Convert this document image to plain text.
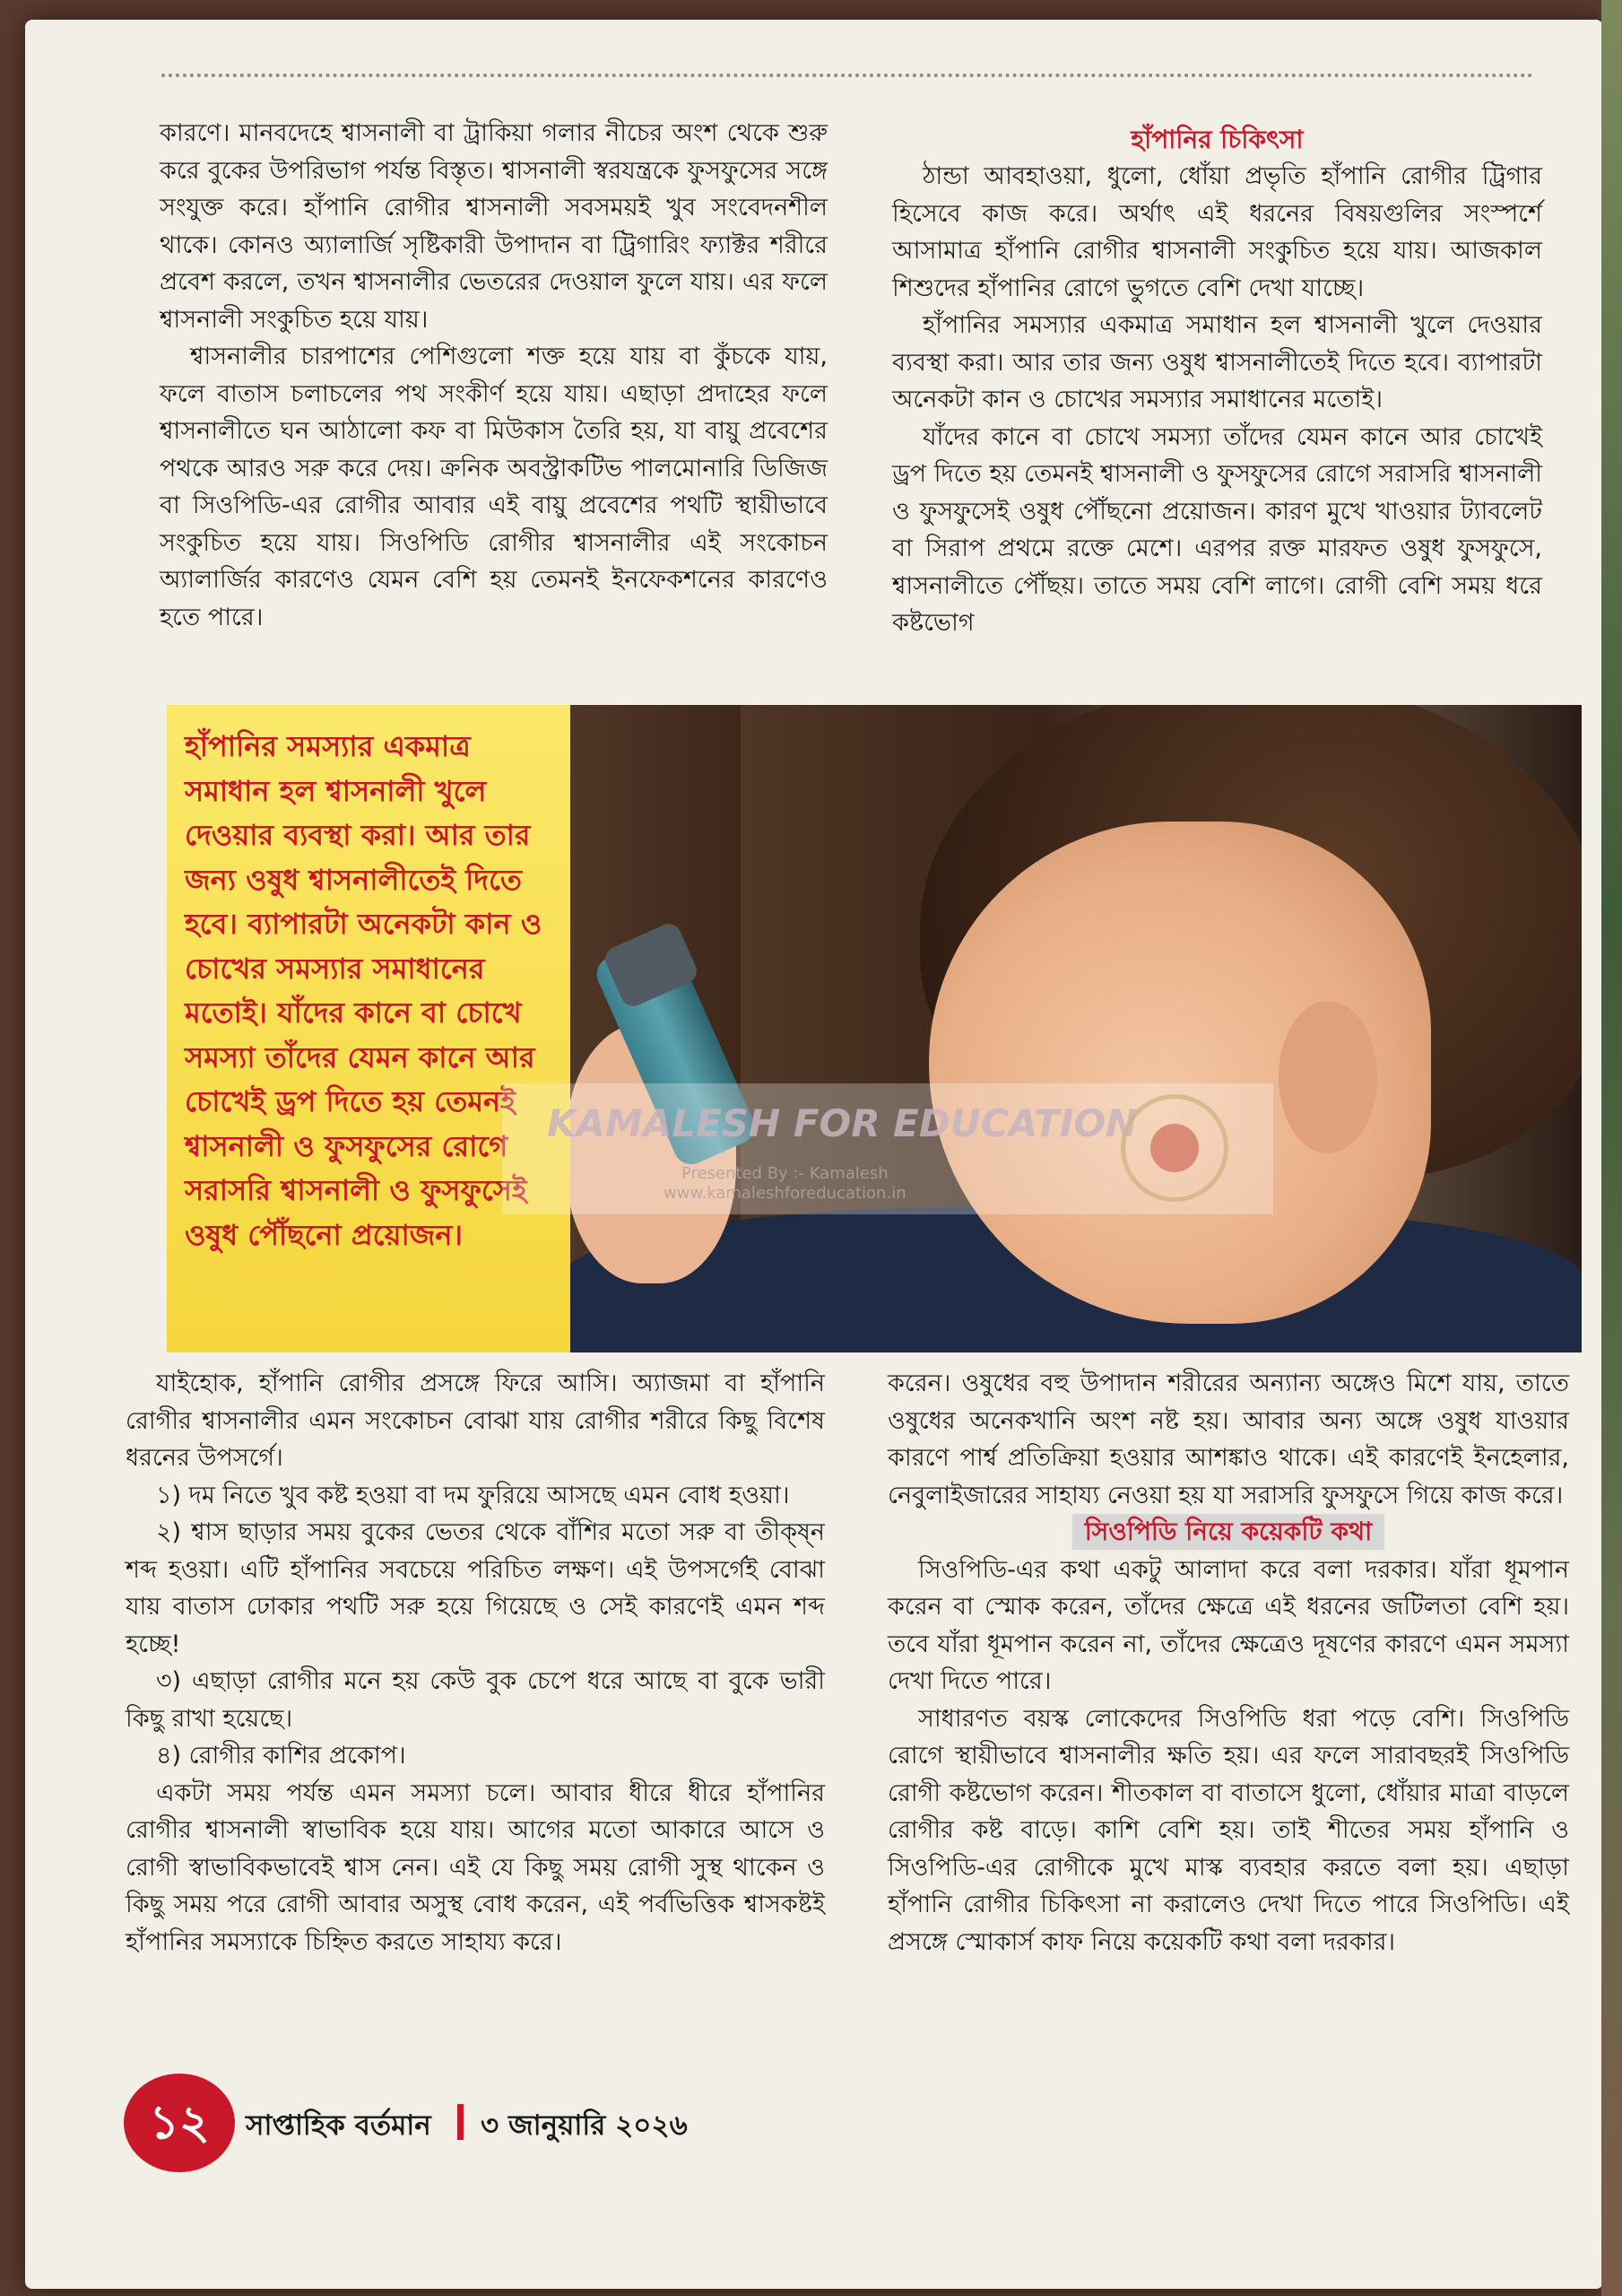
কারণে। মানবদেহে শ্বাসনালী বা ট্রাকিয়া গলার নীচের অংশ থেকে শুরু করে বুকের উপরিভাগ পর্যন্ত বিস্তৃত। শ্বাসনালী স্বরযন্ত্রকে ফুসফুসের সঙ্গে সংযুক্ত করে। হাঁপানি রোগীর শ্বাসনালী সবসময়ই খুব সংবেদনশীল থাকে। কোনও অ্যালার্জি সৃষ্টিকারী উপাদান বা ট্রিগারিং ফ্যাক্টর শরীরে প্রবেশ করলে, তখন শ্বাসনালীর ভেতরের দেওয়াল ফুলে যায়। এর ফলে শ্বাসনালী সংকুচিত হয়ে যায়।

শ্বাসনালীর চারপাশের পেশিগুলো শক্ত হয়ে যায় বা কুঁচকে যায়, ফলে বাতাস চলাচলের পথ সংকীর্ণ হয়ে যায়। এছাড়া প্রদাহের ফলে শ্বাসনালীতে ঘন আঠালো কফ বা মিউকাস তৈরি হয়, যা বায়ু প্রবেশের পথকে আরও সরু করে দেয়। ক্রনিক অবস্ট্রাকটিভ পালমোনারি ডিজিজ বা সিওপিডি-এর রোগীর আবার এই বায়ু প্রবেশের পথটি স্থায়ীভাবে সংকুচিত হয়ে যায়। সিওপিডি রোগীর শ্বাসনালীর এই সংকোচন অ্যালার্জির কারণেও যেমন বেশি হয় তেমনই ইনফেকশনের কারণেও হতে পারে।

হাঁপানির চিকিৎসা

ঠান্ডা আবহাওয়া, ধুলো, ধোঁয়া প্রভৃতি হাঁপানি রোগীর ট্রিগার হিসেবে কাজ করে। অর্থাৎ এই ধরনের বিষয়গুলির সংস্পর্শে আসামাত্র হাঁপানি রোগীর শ্বাসনালী সংকুচিত হয়ে যায়। আজকাল শিশুদের হাঁপানির রোগে ভুগতে বেশি দেখা যাচ্ছে।

হাঁপানির সমস্যার একমাত্র সমাধান হল শ্বাসনালী খুলে দেওয়ার ব্যবস্থা করা। আর তার জন্য ওষুধ শ্বাসনালীতেই দিতে হবে। ব্যাপারটা অনেকটা কান ও চোখের সমস্যার সমাধানের মতোই।

যাঁদের কানে বা চোখে সমস্যা তাঁদের যেমন কানে আর চোখেই ড্রপ দিতে হয় তেমনই শ্বাসনালী ও ফুসফুসের রোগে সরাসরি শ্বাসনালী ও ফুসফুসেই ওষুধ পৌঁছনো প্রয়োজন। কারণ মুখে খাওয়ার ট্যাবলেট বা সিরাপ প্রথমে রক্তে মেশে। এরপর রক্ত মারফত ওষুধ ফুসফুসে, শ্বাসনালীতে পৌঁছয়। তাতে সময় বেশি লাগে। রোগী বেশি সময় ধরে কষ্টভোগ

হাঁপানির সমস্যার একমাত্র সমাধান হল শ্বাসনালী খুলে দেওয়ার ব্যবস্থা করা। আর তার জন্য ওষুধ শ্বাসনালীতেই দিতে হবে। ব্যাপারটা অনেকটা কান ও চোখের সমস্যার সমাধানের মতোই। যাঁদের কানে বা চোখে সমস্যা তাঁদের যেমন কানে আর চোখেই ড্রপ দিতে হয় তেমনই শ্বাসনালী ও ফুসফুসের রোগে সরাসরি শ্বাসনালী ও ফুসফুসেই ওষুধ পৌঁছনো প্রয়োজন।
KAMALESH FOR EDUCATION
Presented By :- Kamalesh
www.kamaleshforeducation.in

যাইহোক, হাঁপানি রোগীর প্রসঙ্গে ফিরে আসি। অ্যাজমা বা হাঁপানি রোগীর শ্বাসনালীর এমন সংকোচন বোঝা যায় রোগীর শরীরে কিছু বিশেষ ধরনের উপসর্গে।

১) দম নিতে খুব কষ্ট হওয়া বা দম ফুরিয়ে আসছে এমন বোধ হওয়া।

২) শ্বাস ছাড়ার সময় বুকের ভেতর থেকে বাঁশির মতো সরু বা তীক্ষ্ন শব্দ হওয়া। এটি হাঁপানির সবচেয়ে পরিচিত লক্ষণ। এই উপসর্গেই বোঝা যায় বাতাস ঢোকার পথটি সরু হয়ে গিয়েছে ও সেই কারণেই এমন শব্দ হচ্ছে!

৩) এছাড়া রোগীর মনে হয় কেউ বুক চেপে ধরে আছে বা বুকে ভারী কিছু রাখা হয়েছে।

৪) রোগীর কাশির প্রকোপ।

একটা সময় পর্যন্ত এমন সমস্যা চলে। আবার ধীরে ধীরে হাঁপানির রোগীর শ্বাসনালী স্বাভাবিক হয়ে যায়। আগের মতো আকারে আসে ও রোগী স্বাভাবিকভাবেই শ্বাস নেন। এই যে কিছু সময় রোগী সুস্থ থাকেন ও কিছু সময় পরে রোগী আবার অসুস্থ বোধ করেন, এই পর্বভিত্তিক শ্বাসকষ্টই হাঁপানির সমস্যাকে চিহ্নিত করতে সাহায্য করে।

করেন। ওষুধের বহু উপাদান শরীরের অন্যান্য অঙ্গেও মিশে যায়, তাতে ওষুধের অনেকখানি অংশ নষ্ট হয়। আবার অন্য অঙ্গে ওষুধ যাওয়ার কারণে পার্শ্ব প্রতিক্রিয়া হওয়ার আশঙ্কাও থাকে। এই কারণেই ইনহেলার, নেবুলাইজারের সাহায্য নেওয়া হয় যা সরাসরি ফুসফুসে গিয়ে কাজ করে।

সিওপিডি নিয়ে কয়েকটি কথা

সিওপিডি-এর কথা একটু আলাদা করে বলা দরকার। যাঁরা ধূমপান করেন বা স্মোক করেন, তাঁদের ক্ষেত্রে এই ধরনের জটিলতা বেশি হয়। তবে যাঁরা ধূমপান করেন না, তাঁদের ক্ষেত্রেও দূষণের কারণে এমন সমস্যা দেখা দিতে পারে।

সাধারণত বয়স্ক লোকেদের সিওপিডি ধরা পড়ে বেশি। সিওপিডি রোগে স্থায়ীভাবে শ্বাসনালীর ক্ষতি হয়। এর ফলে সারাবছরই সিওপিডি রোগী কষ্টভোগ করেন। শীতকাল বা বাতাসে ধুলো, ধোঁয়ার মাত্রা বাড়লে রোগীর কষ্ট বাড়ে। কাশি বেশি হয়। তাই শীতের সময় হাঁপানি ও সিওপিডি-এর রোগীকে মুখে মাস্ক ব্যবহার করতে বলা হয়। এছাড়া হাঁপানি রোগীর চিকিৎসা না করালেও দেখা দিতে পারে সিওপিডি। এই প্রসঙ্গে স্মোকার্স কাফ নিয়ে কয়েকটি কথা বলা দরকার।

১২	সাপ্তাহিক বর্তমান ৩ জানুয়ারি ২০২৬
